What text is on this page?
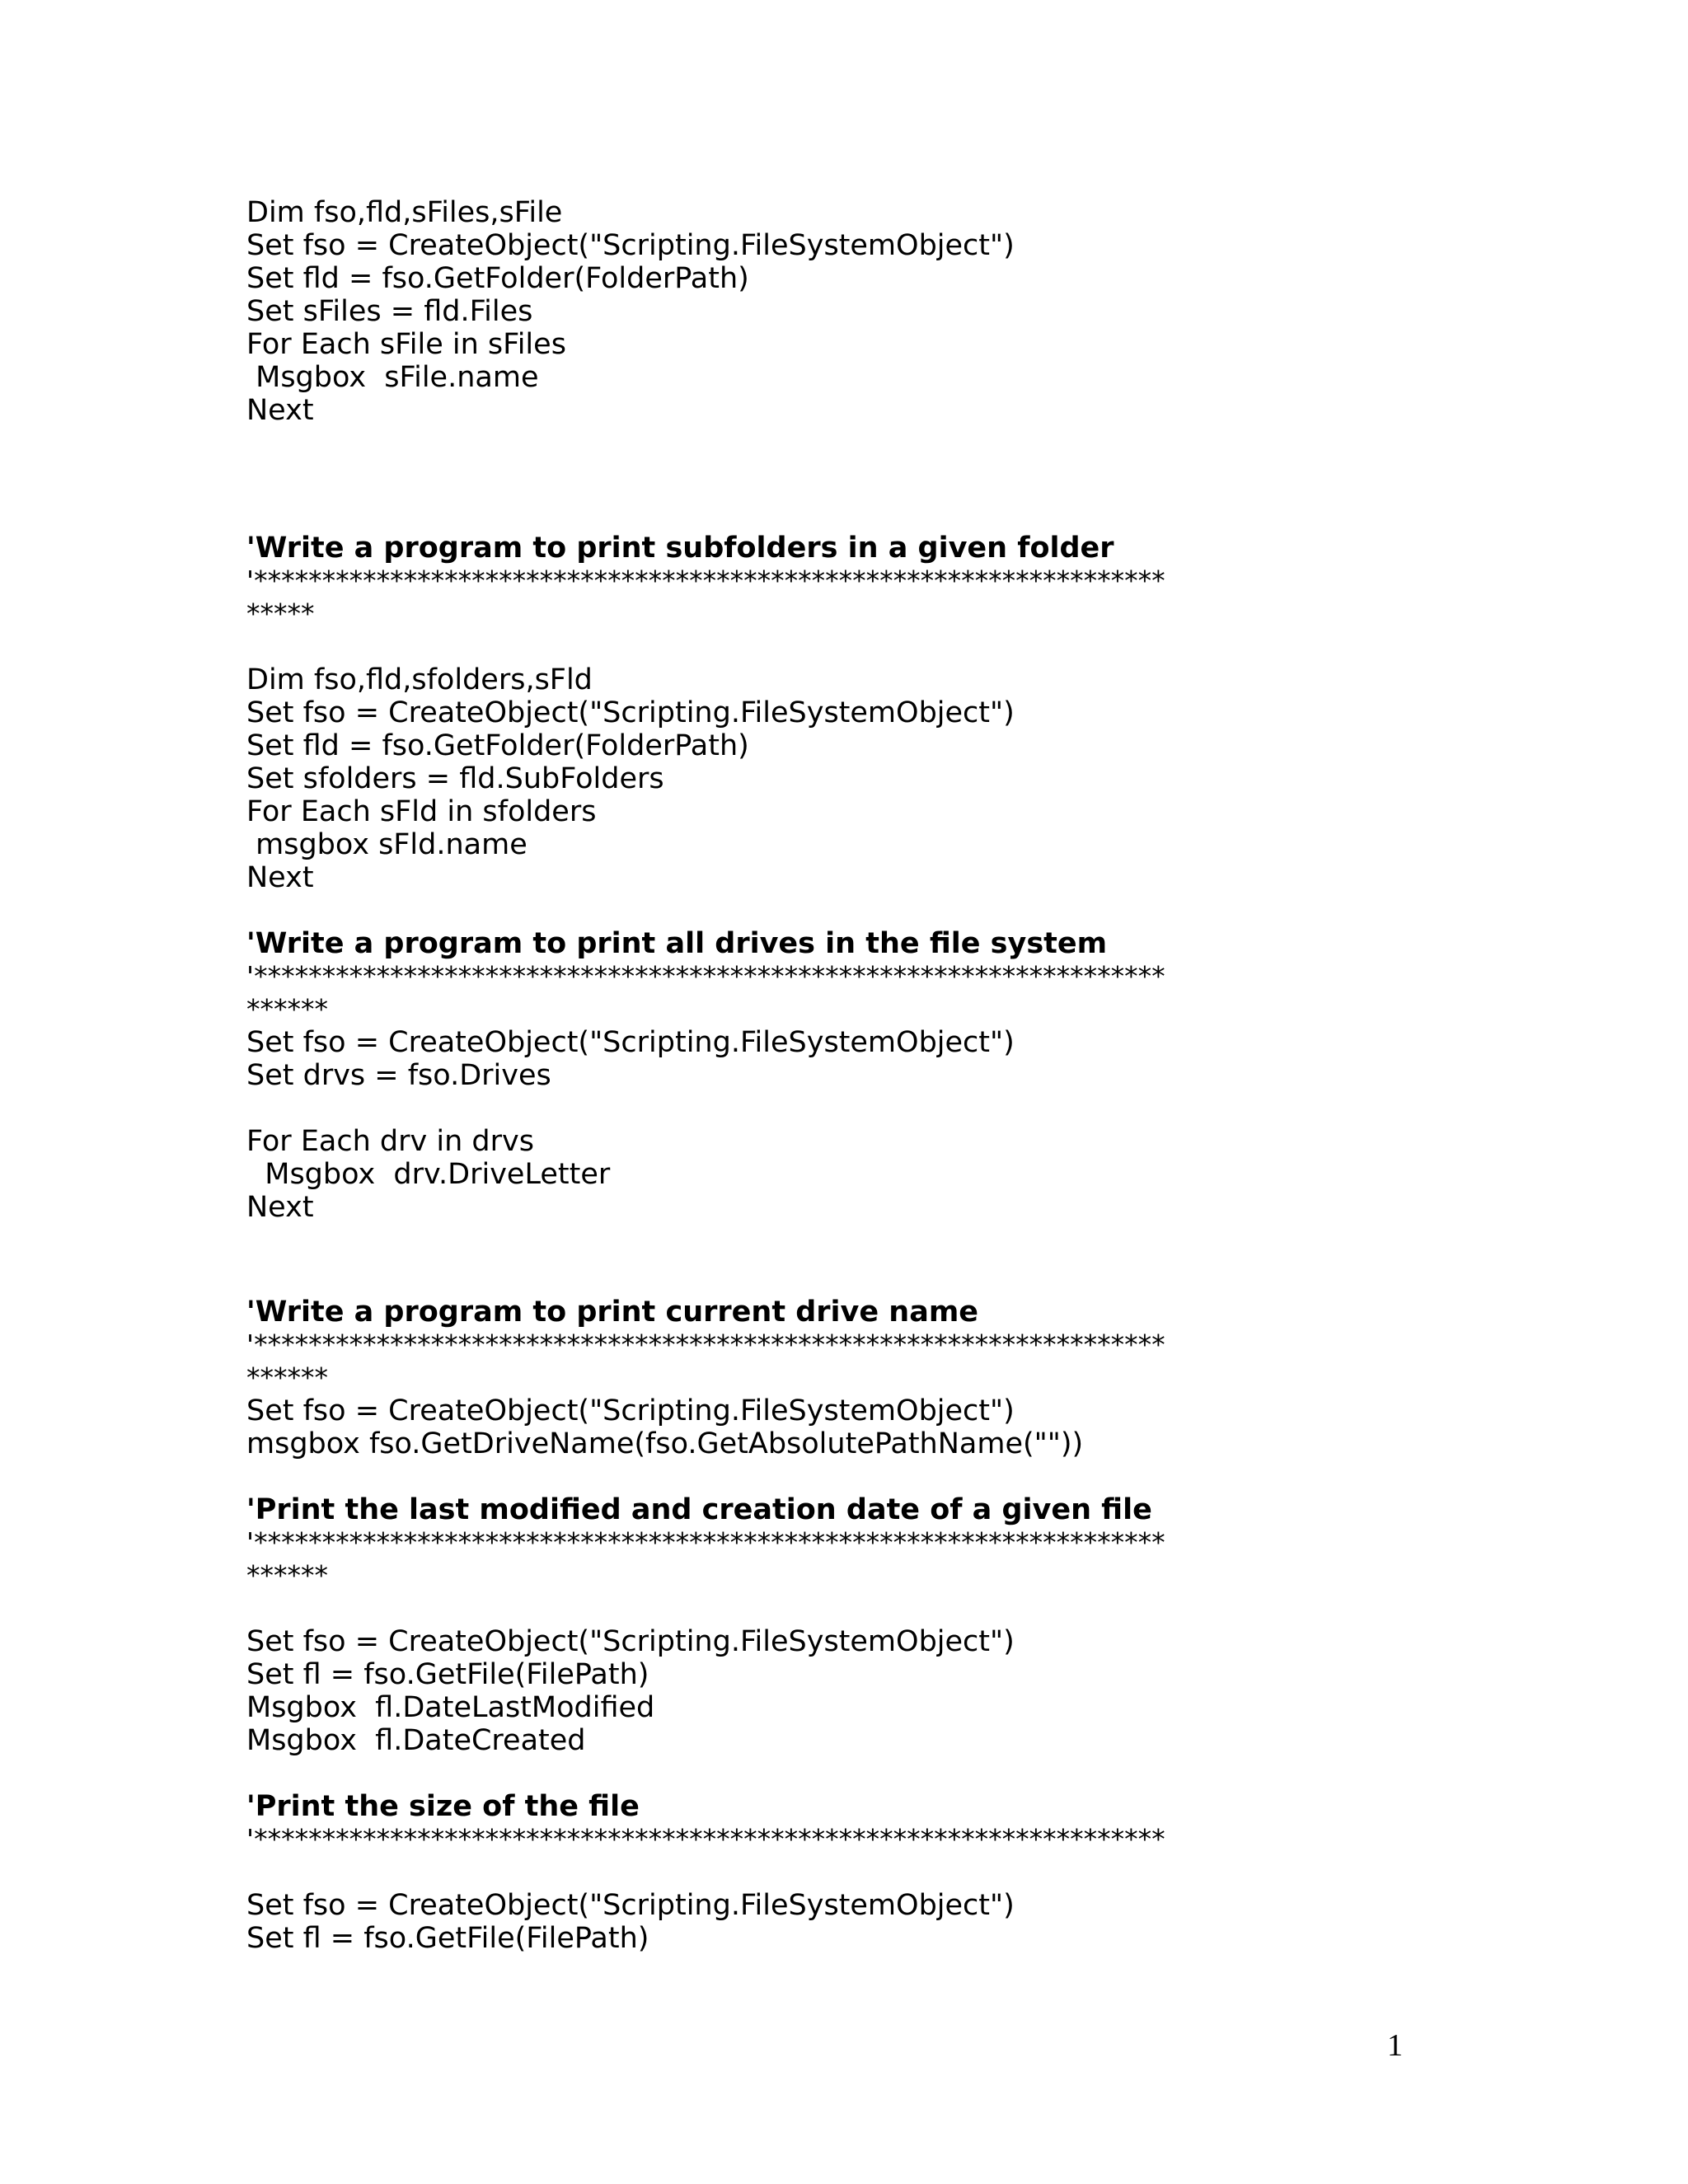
Dim fso,fld,sFiles,sFile
Set fso = CreateObject("Scripting.FileSystemObject")
Set fld = fso.GetFolder(FolderPath)
Set sFiles = fld.Files
For Each sFile in sFiles
Msgbox  sFile.name
Next
'Write a program to print subfolders in a given folder
'*******************************************************************
*****
Dim fso,fld,sfolders,sFld
Set fso = CreateObject("Scripting.FileSystemObject")
Set fld = fso.GetFolder(FolderPath)
Set sfolders = fld.SubFolders
For Each sFld in sfolders
msgbox sFld.name
Next
'Write a program to print all drives in the file system
'*******************************************************************
******
Set fso = CreateObject("Scripting.FileSystemObject")
Set drvs = fso.Drives
For Each drv in drvs
Msgbox  drv.DriveLetter
Next
'Write a program to print current drive name
'*******************************************************************
******
Set fso = CreateObject("Scripting.FileSystemObject")
msgbox fso.GetDriveName(fso.GetAbsolutePathName(""))
'Print the last modified and creation date of a given file
'*******************************************************************
******
Set fso = CreateObject("Scripting.FileSystemObject")
Set fl = fso.GetFile(FilePath)
Msgbox  fl.DateLastModified
Msgbox  fl.DateCreated
'Print the size of the file
'*******************************************************************
Set fso = CreateObject("Scripting.FileSystemObject")
Set fl = fso.GetFile(FilePath)
1
